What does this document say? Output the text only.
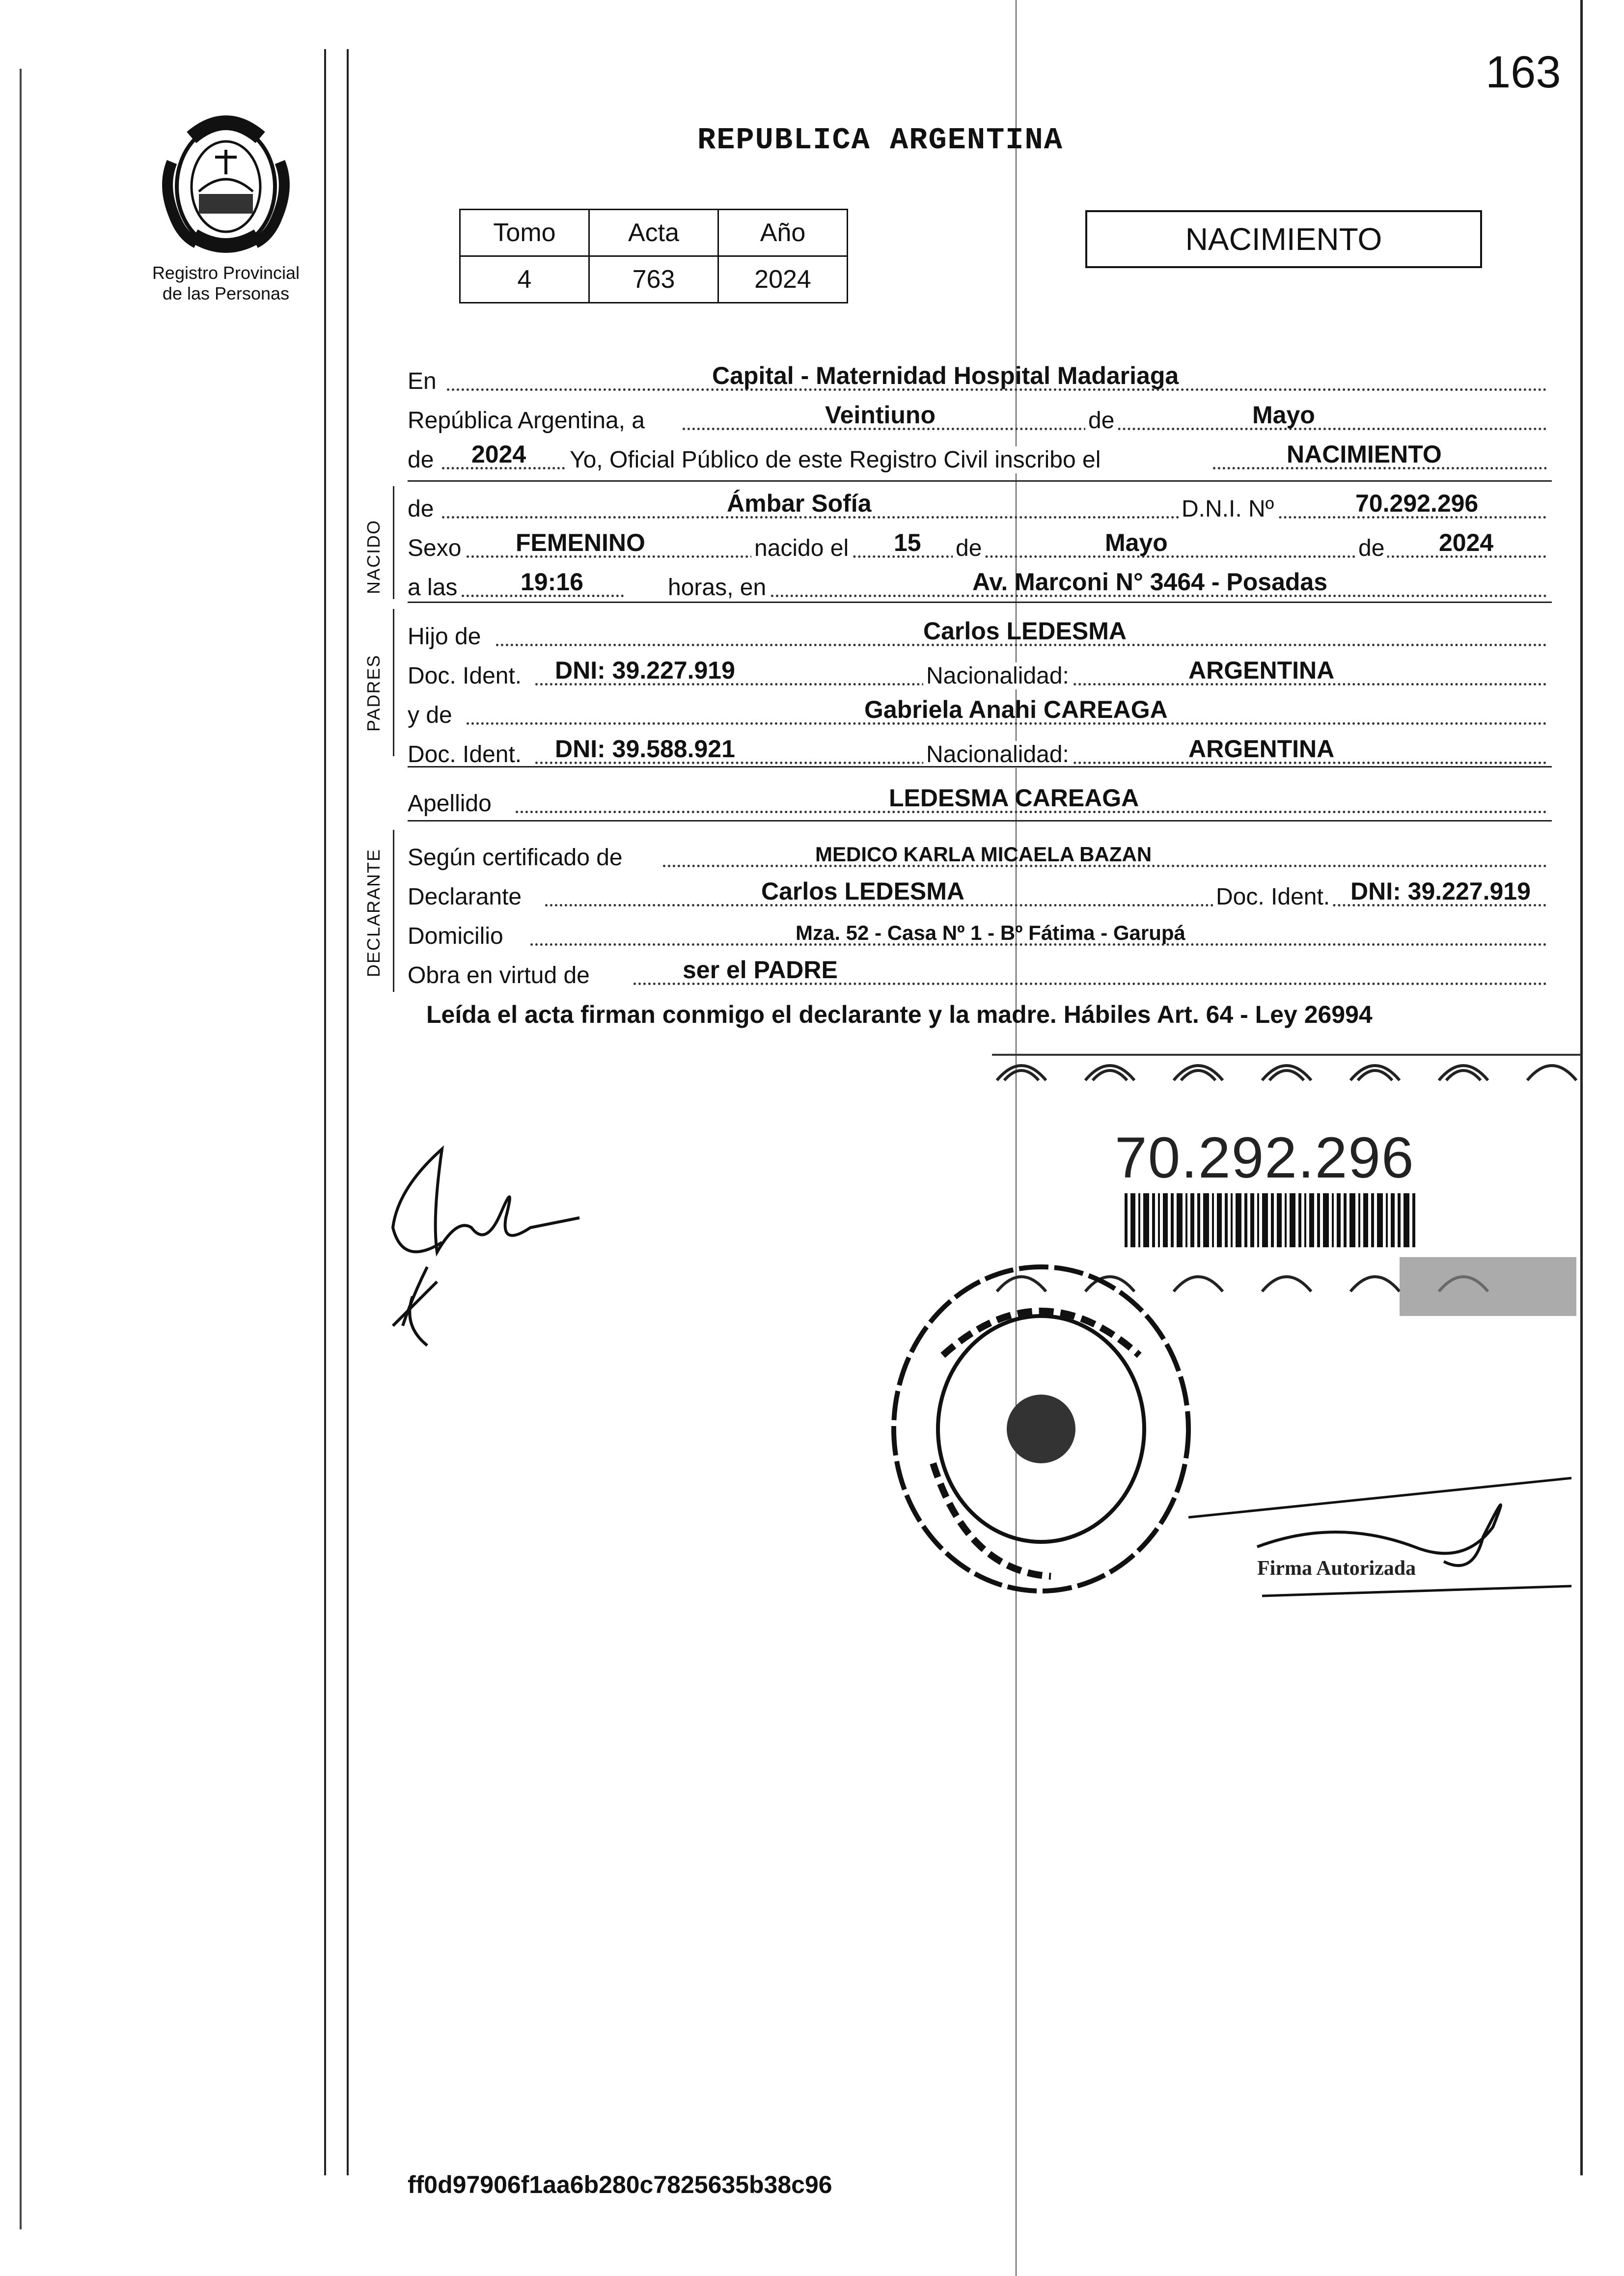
163
Registro Provincial
de las Personas
REPUBLICA ARGENTINA
Tomo	Acta	Año
4	763	2024
NACIMIENTO
En	Capital - Maternidad Hospital Madariaga
República Argentina, a	Veintiuno	de	Mayo
de 2024 Yo, Oficial Público de este Registro Civil inscribo el	NACIMIENTO
NACIDO
de	Ámbar Sofía	D.N.I. Nº	70.292.296
Sexo FEMENINO	nacido el 15 de	Mayo	de 2024
a las	19:16	horas, en	Av. Marconi N° 3464 - Posadas
PADRES
Hijo de	Carlos LEDESMA
Doc. Ident. DNI: 39.227.919	Nacionalidad:	ARGENTINA
y de	Gabriela Anahi CAREAGA
Doc. Ident. DNI: 39.588.921	Nacionalidad:	ARGENTINA
Apellido	LEDESMA CAREAGA
DECLARANTE Según certificado de	MEDICO KARLA MICAELA BAZAN
Declarante	Carlos LEDESMA	Doc. Ident. DNI: 39.227.919
Domicilio	Mza. 52 - Casa Nº 1 - Bº Fátima - Garupá
Obra en virtud de	ser el PADRE
Leída el acta firman conmigo el declarante y la madre. Hábiles Art. 64 - Ley 26994
70.292.296
Firma Autorizada
ff0d97906f1aa6b280c7825635b38c96
